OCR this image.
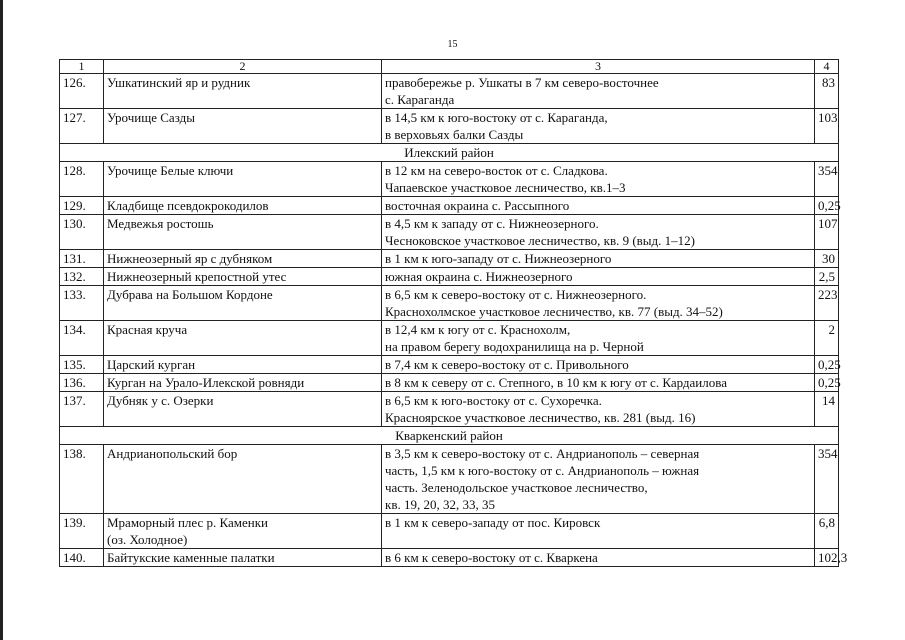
15
1	2	3	4
126.	Ушкатинский яр и рудник	правобережье р. Ушкаты в 7 км северо-восточнее
с. Караганда	83
127.	Урочище Сазды	в 14,5 км к юго-востоку от с. Караганда,
в верховьях балки Сазды	103
Илекский район			
128.	Урочище Белые ключи	в 12 км на северо-восток от с. Сладкова.
Чапаевское участковое лесничество, кв.1–3	354
129.	Кладбище псевдокрокодилов	восточная окраина с. Рассыпного	0,25
130.	Медвежья ростошь	в 4,5 км к западу от с. Нижнеозерного.
Чесноковское участковое лесничество, кв. 9 (выд. 1–12)	107
131.	Нижнеозерный яр с дубняком	в 1 км к юго-западу от с. Нижнеозерного	30
132.	Нижнеозерный крепостной утес	южная окраина с. Нижнеозерного	2,5
133.	Дубрава на Большом Кордоне	в 6,5 км к северо-востоку от с. Нижнеозерного.
Краснохолмское участковое лесничество, кв. 77 (выд. 34–52)	223
134.	Красная круча	в 12,4 км к югу от с. Краснохолм,
на правом берегу водохранилища на р. Черной	2
135.	Царский курган	в 7,4 км к северо-востоку от с. Привольного	0,25
136.	Курган на Урало-Илекской ровняди	в 8 км к северу от с. Степного, в 10 км к югу от с. Кардаилова	0,25
137.	Дубняк у с. Озерки	в 6,5 км к юго-востоку от с. Сухоречка.
Красноярское участковое лесничество, кв. 281 (выд. 16)	14
Кваркенский район			
138.	Андрианопольский бор	в 3,5 км к северо-востоку от с. Андрианополь – северная
часть, 1,5 км к юго-востоку от с. Андрианополь – южная
часть. Зеленодольское участковое лесничество,
кв. 19, 20, 32, 33, 35	354
139.	Мраморный плес р. Каменки
(оз. Холодное)	в 1 км к северо-западу от пос. Кировск	6,8
140.	Байтукские каменные палатки	в 6 км к северо-востоку от с. Кваркена	102,3
